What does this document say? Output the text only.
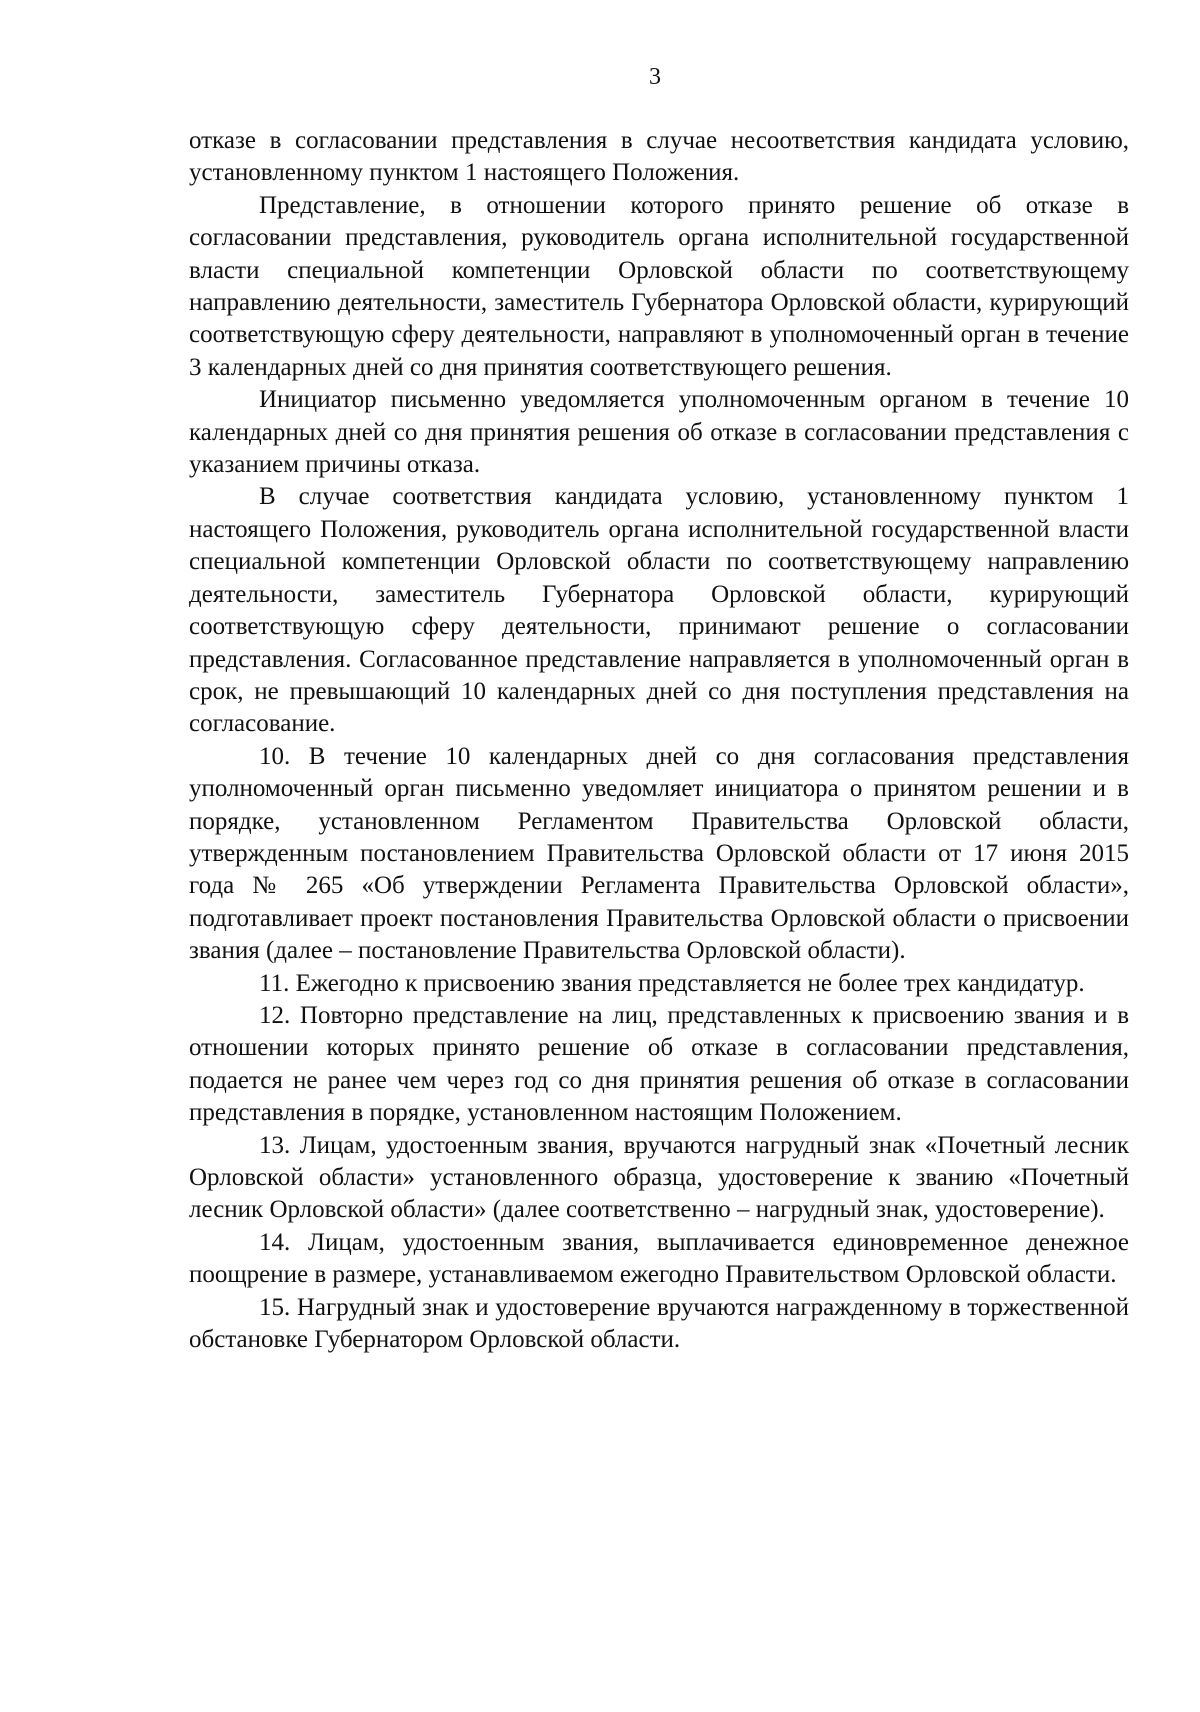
3

отказе в согласовании представления в случае несоответствия кандидата условию, установленному пунктом 1 настоящего Положения.

Представление, в отношении которого принято решение об отказе в согласовании представления, руководитель органа исполнительной государственной власти специальной компетенции Орловской области по соответствующему направлению деятельности, заместитель Губернатора Орловской области, курирующий соответствующую сферу деятельности, направляют в уполномоченный орган в течение 3 календарных дней со дня принятия соответствующего решения.

Инициатор письменно уведомляется уполномоченным органом в течение 10 календарных дней со дня принятия решения об отказе в согласовании представления с указанием причины отказа.

В случае соответствия кандидата условию, установленному пунктом 1 настоящего Положения, руководитель органа исполнительной государственной власти специальной компетенции Орловской области по соответствующему направлению деятельности, заместитель Губернатора Орловской области, курирующий соответствующую сферу деятельности, принимают решение о согласовании представления. Согласованное представление направляется в уполномоченный орган в срок, не превышающий 10 календарных дней со дня поступления представления на согласование.

10. В течение 10 календарных дней со дня согласования представления уполномоченный орган письменно уведомляет инициатора о принятом решении и в порядке, установленном Регламентом Правительства Орловской области, утвержденным постановлением Правительства Орловской области от 17 июня 2015 года № 265 «Об утверждении Регламента Правительства Орловской области», подготавливает проект постановления Правительства Орловской области о присвоении звания (далее – постановление Правительства Орловской области).

11. Ежегодно к присвоению звания представляется не более трех кандидатур.

12. Повторно представление на лиц, представленных к присвоению звания и в отношении которых принято решение об отказе в согласовании представления, подается не ранее чем через год со дня принятия решения об отказе в согласовании представления в порядке, установленном настоящим Положением.

13. Лицам, удостоенным звания, вручаются нагрудный знак «Почетный лесник Орловской области» установленного образца, удостоверение к званию «Почетный лесник Орловской области» (далее соответственно – нагрудный знак, удостоверение).

14. Лицам, удостоенным звания, выплачивается единовременное денежное поощрение в размере, устанавливаемом ежегодно Правительством Орловской области.

15. Нагрудный знак и удостоверение вручаются награжденному в торжественной обстановке Губернатором Орловской области.
